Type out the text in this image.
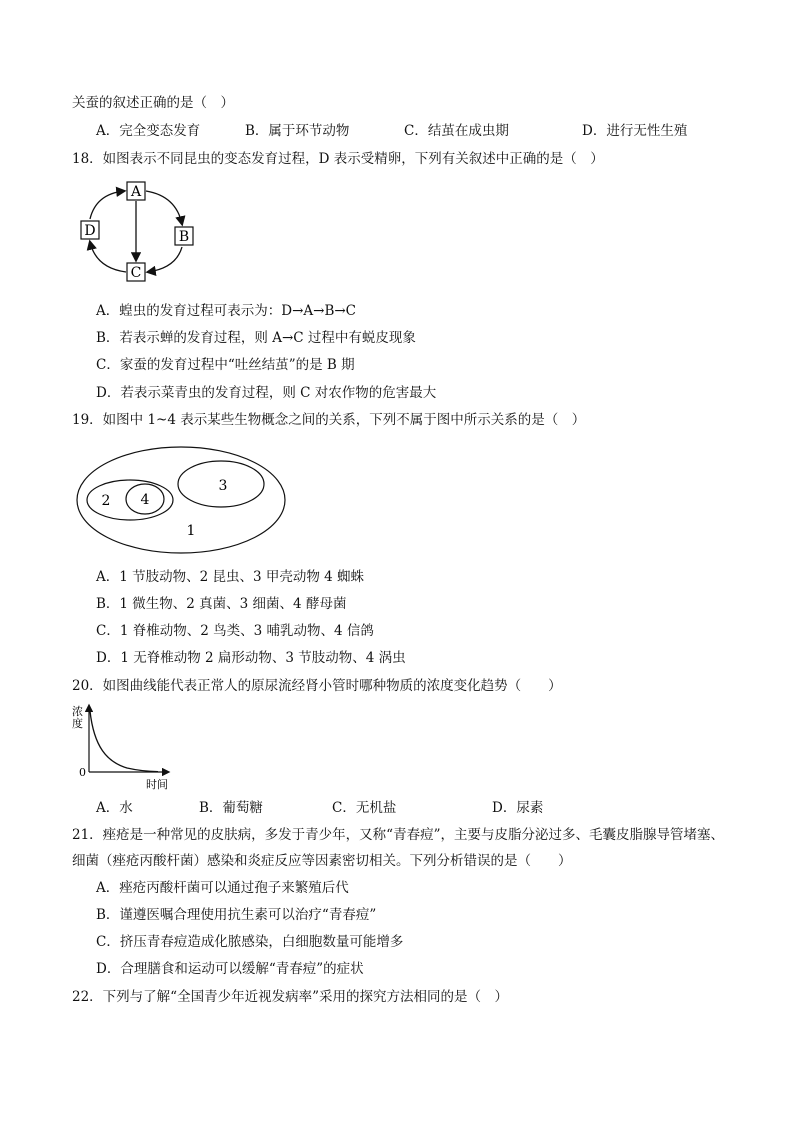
关蚕的叙述正确的是（　）
A．完全变态发育	B．属于环节动物	C．结茧在成虫期	D．进行无性生殖
18．如图表示不同昆虫的变态发育过程，D 表示受精卵，下列有关叙述中正确的是（　）
A
B
C
D
A．蝗虫的发育过程可表示为：D→A→B→C
B．若表示蝉的发育过程，则 A→C 过程中有蜕皮现象
C．家蚕的发育过程中“吐丝结茧”的是 B 期
D．若表示菜青虫的发育过程，则 C 对农作物的危害最大
19．如图中 1~4 表示某些生物概念之间的关系，下列不属于图中所示关系的是（　）
1
2
3
4
A．1 节肢动物、2 昆虫、3 甲壳动物 4 蜘蛛
B．1 微生物、2 真菌、3 细菌、4 酵母菌
C．1 脊椎动物、2 鸟类、3 哺乳动物、4 信鸽
D．1 无脊椎动物 2 扁形动物、3 节肢动物、4 涡虫
20．如图曲线能代表正常人的原尿流经肾小管时哪种物质的浓度变化趋势（　　）
浓
度
0
时间
A．水	B．葡萄糖	C．无机盐	D．尿素
21．痤疮是一种常见的皮肤病，多发于青少年，又称“青春痘”，主要与皮脂分泌过多、毛囊皮脂腺导管堵塞、
细菌（痤疮丙酸杆菌）感染和炎症反应等因素密切相关。下列分析错误的是（　　）
A．痤疮丙酸杆菌可以通过孢子来繁殖后代
B．谨遵医嘱合理使用抗生素可以治疗“青春痘”
C．挤压青春痘造成化脓感染，白细胞数量可能增多
D．合理膳食和运动可以缓解“青春痘”的症状
22．下列与了解“全国青少年近视发病率”采用的探究方法相同的是（　）
